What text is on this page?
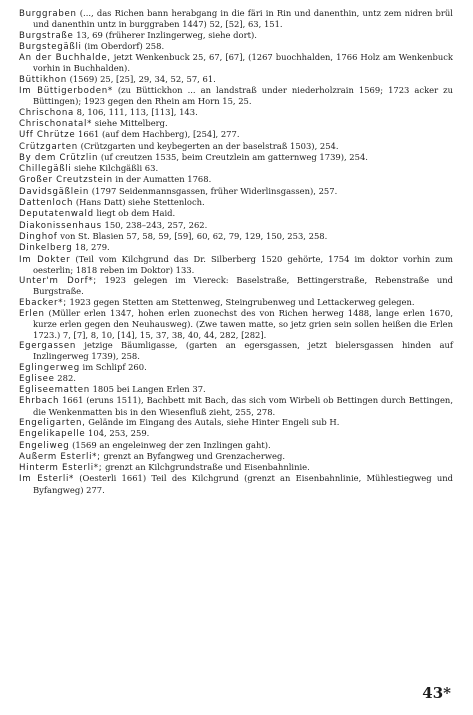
Burggraben (..., das Richen bann herabgang in die färi in Rin und danenthin, untz zem nidren brül und danenthin untz in burggraben 1447) 52, [52], 63, 151.

Burgstraße 13, 69 (früherer Inzlingerweg, siehe dort).

Burgstegäßli (im Oberdorf) 258.

An der Buchhalde, jetzt Wenkenbuck 25, 67, [67], (1267 buochhalden, 1766 Holz am Wenkenbuck vorhin in Buchhalden).

Büttikhon (1569) 25, [25], 29, 34, 52, 57, 61.

Im Büttigerboden* (zu Büttickhon ... an landstraß under niederholzrain 1569; 1723 acker zu Büttingen); 1923 gegen den Rhein am Horn 15, 25.

Chrischona 8, 106, 111, 113, [113], 143.

Chrischonatal* siehe Mittelberg.

Uff Chrütze 1661 (auf dem Hachberg), [254], 277.

Crützgarten (Crützgarten und keybegerten an der baselstraß 1503), 254.

By dem Crützlin (uf creutzen 1535, beim Creutzlein am gatternweg 1739), 254.

Chillegäßli siehe Kilchgäßli 63.

Großer Creutzstein in der Aumatten 1768.

Davidsgäßlein (1797 Seidenmannsgassen, früher Widerlinsgassen), 257.

Dattenloch (Hans Datt) siehe Stettenloch.

Deputatenwald liegt ob dem Haid.

Diakonissenhaus 150, 238–243, 257, 262.

Dinghof von St. Blasien 57, 58, 59, [59], 60, 62, 79, 129, 150, 253, 258.

Dinkelberg 18, 279.

Im Dokter (Teil vom Kilchgrund das Dr. Silberberg 1520 gehörte, 1754 im doktor vorhin zum oesterlin; 1818 reben im Doktor) 133.

Unter'm Dorf*; 1923 gelegen im Viereck: Baselstraße, Bettingerstraße, Rebenstraße und Burgstraße.

Ebacker*; 1923 gegen Stetten am Stettenweg, Steingrubenweg und Lettackerweg gelegen.

Erlen (Müller erlen 1347, hohen erlen zuonechst des von Richen herweg 1488, lange erlen 1670, kurze erlen gegen den Neuhausweg). (Zwe tawen matte, so jetz grien sein sollen heißen die Erlen 1723.) 7, [7], 8, 10, [14], 15, 37, 38, 40, 44, 282, [282].

Egergassen jetzige Bäumligasse, (garten an egersgassen, jetzt bielersgassen hinden auf Inzlingerweg 1739), 258.

Eglingerweg im Schlipf 260.

Eglisee 282.

Egliseematten 1805 bei Langen Erlen 37.

Ehrbach 1661 (eruns 1511), Bachbett mit Bach, das sich vom Wirbeli ob Bettingen durch Bettingen, die Wenkenmatten bis in den Wiesenfluß zieht, 255, 278.

Engeligarten, Gelände im Eingang des Autals, siehe Hinter Engeli sub H.

Engelikapelle 104, 253, 259.

Engeliweg (1569 an engeleinweg der zen Inzlingen gaht).

Außerm Esterli*; grenzt an Byfangweg und Grenzacherweg.

Hinterm Esterli*; grenzt an Kilchgrundstraße und Eisenbahnlinie.

Im Esterli* (Oesterli 1661) Teil des Kilchgrund (grenzt an Eisenbahnlinie, Mühlestiegweg und Byfangweg) 277.

43*
